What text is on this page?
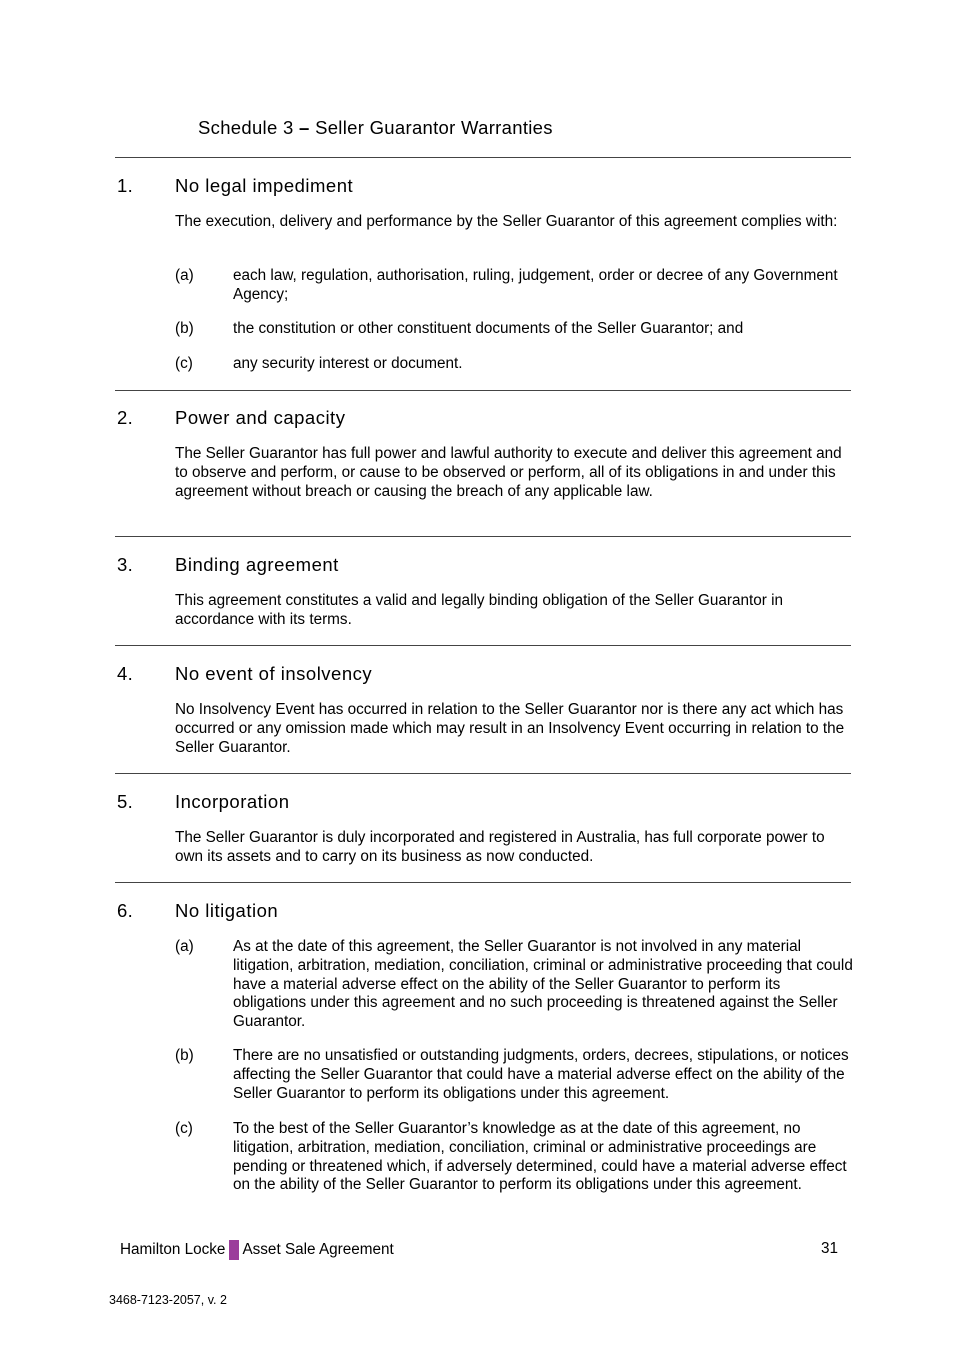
Schedule 3 – Seller Guarantor Warranties
1. No legal impediment
The execution, delivery and performance by the Seller Guarantor of this agreement complies with:
(a)	each law, regulation, authorisation, ruling, judgement, order or decree of any Government Agency;
(b)	the constitution or other constituent documents of the Seller Guarantor; and
(c)	any security interest or document.
2. Power and capacity
The Seller Guarantor has full power and lawful authority to execute and deliver this agreement and to observe and perform, or cause to be observed or perform, all of its obligations in and under this agreement without breach or causing the breach of any applicable law.
3. Binding agreement
This agreement constitutes a valid and legally binding obligation of the Seller Guarantor in accordance with its terms.
4. No event of insolvency
No Insolvency Event has occurred in relation to the Seller Guarantor nor is there any act which has occurred or any omission made which may result in an Insolvency Event occurring in relation to the Seller Guarantor.
5. Incorporation
The Seller Guarantor is duly incorporated and registered in Australia, has full corporate power to own its assets and to carry on its business as now conducted.
6. No litigation
(a)	As at the date of this agreement, the Seller Guarantor is not involved in any material litigation, arbitration, mediation, conciliation, criminal or administrative proceeding that could have a material adverse effect on the ability of the Seller Guarantor to perform its obligations under this agreement and no such proceeding is threatened against the Seller Guarantor.
(b)	There are no unsatisfied or outstanding judgments, orders, decrees, stipulations, or notices affecting the Seller Guarantor that could have a material adverse effect on the ability of the Seller Guarantor to perform its obligations under this agreement.
(c)	To the best of the Seller Guarantor’s knowledge as at the date of this agreement, no litigation, arbitration, mediation, conciliation, criminal or administrative proceedings are pending or threatened which, if adversely determined, could have a material adverse effect on the ability of the Seller Guarantor to perform its obligations under this agreement.
Hamilton Locke Asset Sale Agreement	31
3468-7123-2057, v. 2
